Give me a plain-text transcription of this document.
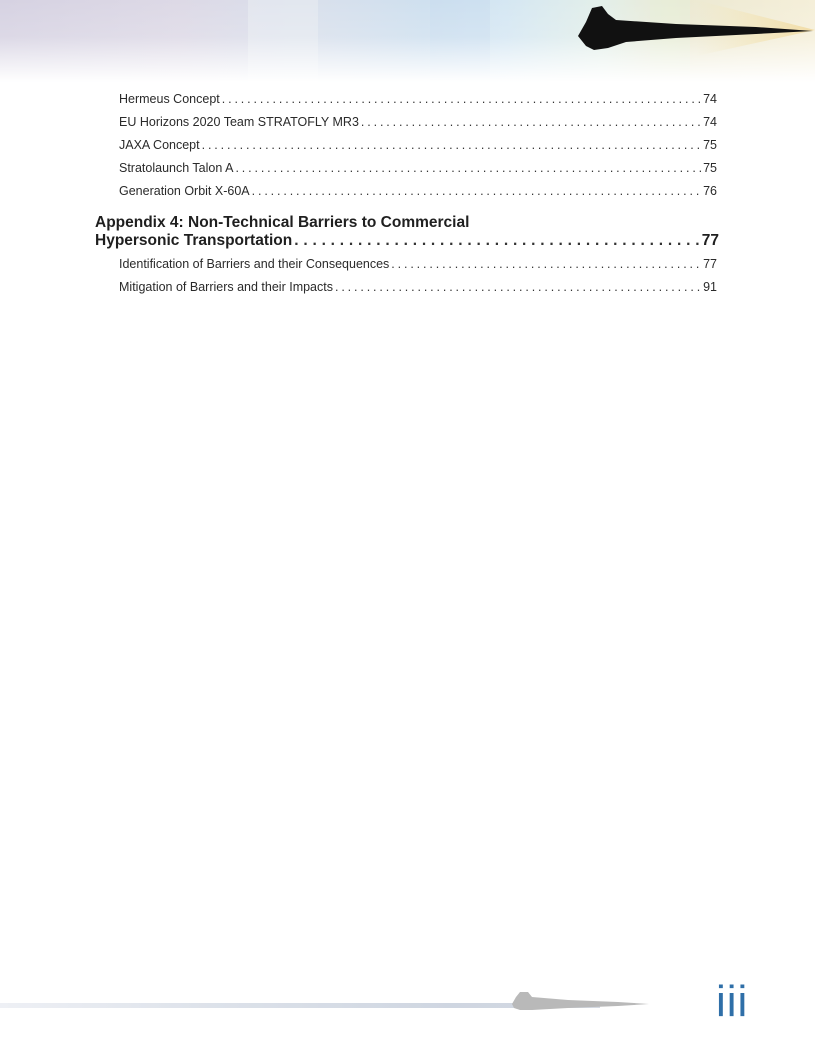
Hermeus Concept . . .	74
EU Horizons 2020 Team STRATOFLY MR3 . . .	74
JAXA Concept . . .	75
Stratolaunch Talon A . . .	75
Generation Orbit X-60A . . .	76
Appendix 4: Non-Technical Barriers to Commercial
Hypersonic Transportation . . .	77
Identification of Barriers and their Consequences . . .	77
Mitigation of Barriers and their Impacts . . .	91
iii
